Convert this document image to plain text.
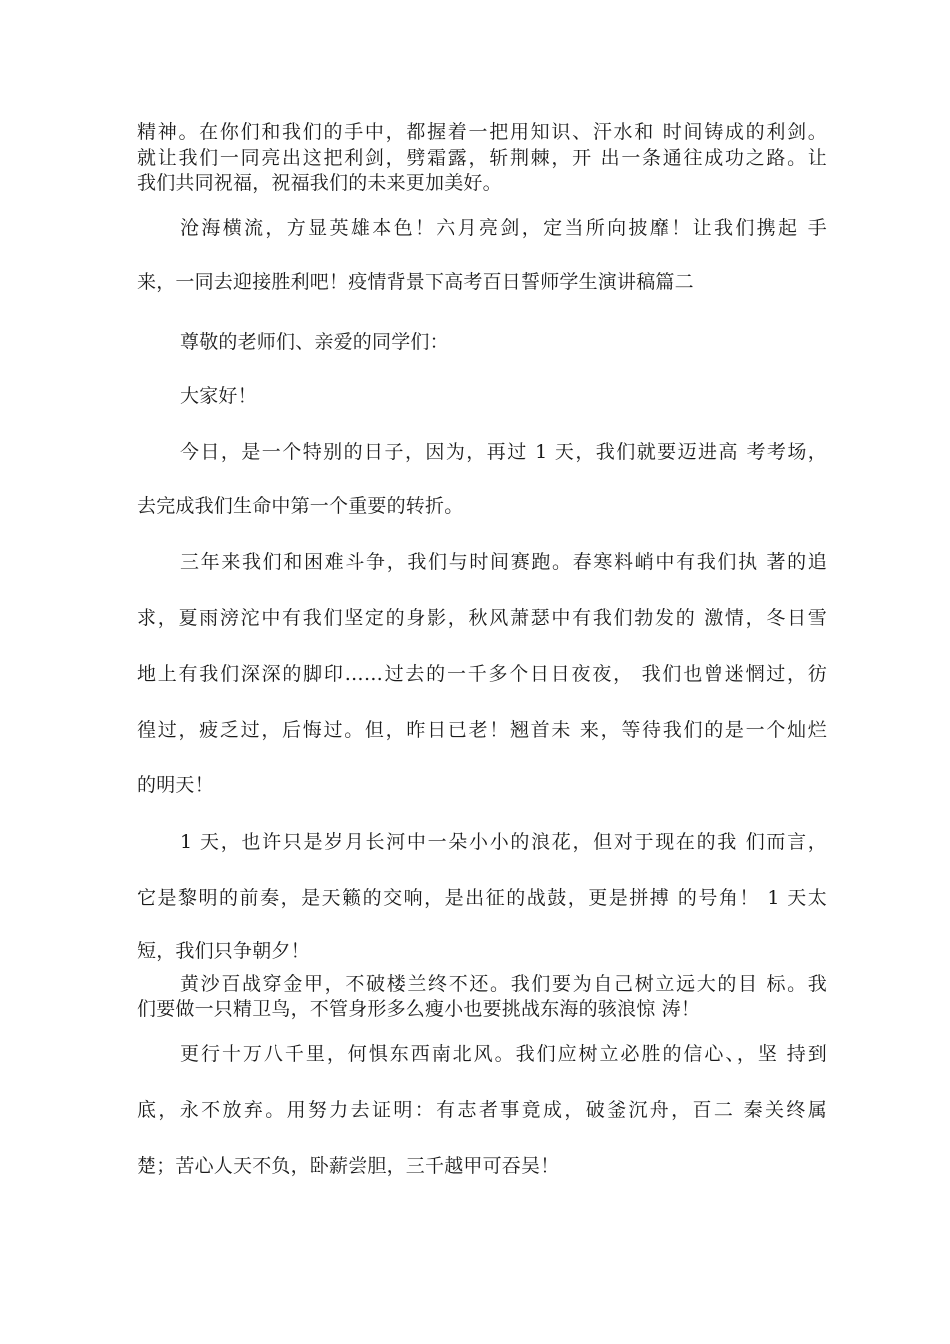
精神。在你们和我们的手中，都握着一把用知识、汗水和 时间铸成的利剑。
就让我们一同亮出这把利剑，劈霜露，斩荆棘，开 出一条通往成功之路。让
我们共同祝福，祝福我们的未来更加美好。
沧海横流，方显英雄本色！六月亮剑，定当所向披靡！让我们携起 手
来，一同去迎接胜利吧！疫情背景下高考百日誓师学生演讲稿篇二
尊敬的老师们、亲爱的同学们：
大家好！
今日，是一个特别的日子，因为，再过 1 天，我们就要迈进高 考考场，
去完成我们生命中第一个重要的转折。
三年来我们和困难斗争，我们与时间赛跑。春寒料峭中有我们执 著的追
求，夏雨滂沱中有我们坚定的身影，秋风萧瑟中有我们勃发的 激情，冬日雪
地上有我们深深的脚印……过去的一千多个日日夜夜， 我们也曾迷惘过，彷
徨过，疲乏过，后悔过。但，昨日已老！翘首未 来，等待我们的是一个灿烂
的明天！
1 天，也许只是岁月长河中一朵小小的浪花，但对于现在的我 们而言，
它是黎明的前奏，是天籁的交响，是出征的战鼓，更是拼搏 的号角！ 1 天太
短，我们只争朝夕！
黄沙百战穿金甲，不破楼兰终不还。我们要为自己树立远大的目 标。我
们要做一只精卫鸟，不管身形多么瘦小也要挑战东海的骇浪惊 涛！
更行十万八千里，何惧东西南北风。我们应树立必胜的信心、，坚 持到
底，永不放弃。用努力去证明：有志者事竟成，破釜沉舟，百二 秦关终属
楚；苦心人天不负，卧薪尝胆，三千越甲可吞吴！
